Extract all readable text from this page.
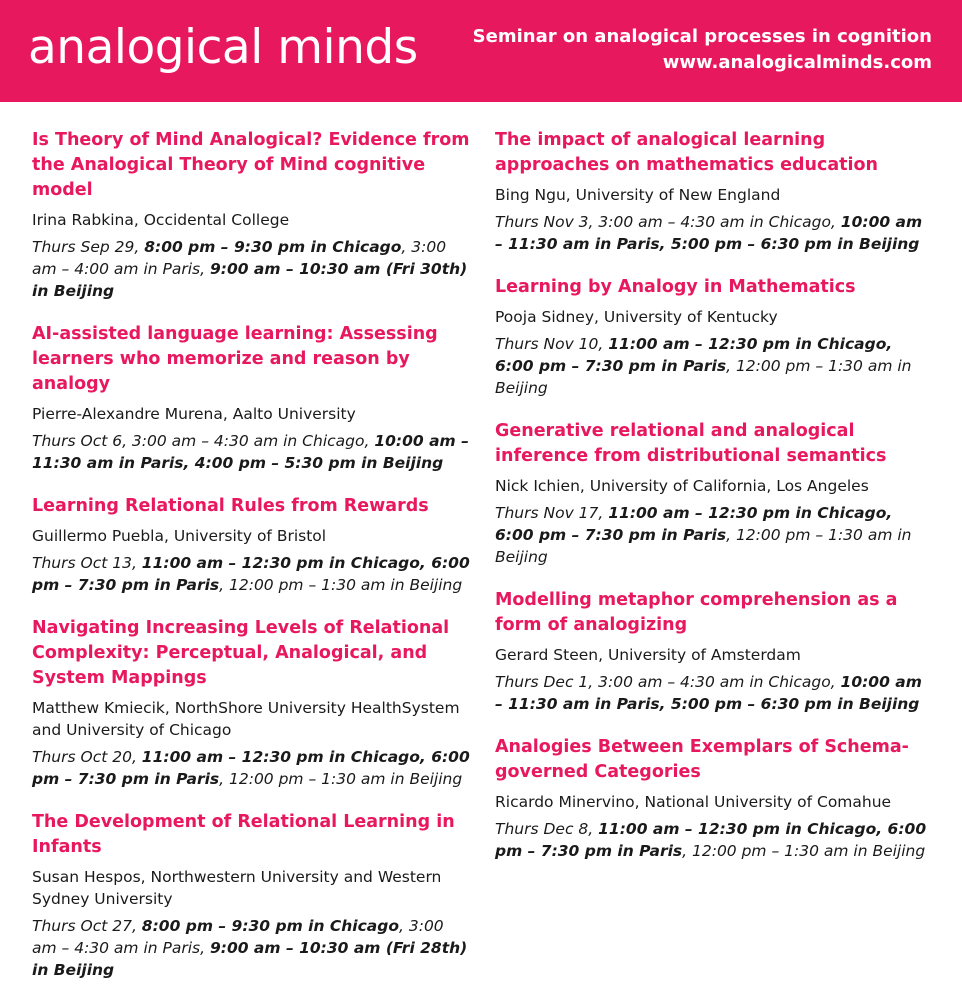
analogical minds	Seminar on analogical processes in cognition
www.analogicalminds.com
Is Theory of Mind Analogical? Evidence from the Analogical Theory of Mind cognitive model
Irina Rabkina, Occidental College
Thurs Sep 29, 8:00 pm – 9:30 pm in Chicago, 3:00 am – 4:00 am in Paris, 9:00 am – 10:30 am (Fri 30th) in Beijing
AI-assisted language learning: Assessing learners who memorize and reason by analogy
Pierre-Alexandre Murena, Aalto University
Thurs Oct 6, 3:00 am – 4:30 am in Chicago, 10:00 am – 11:30 am in Paris, 4:00 pm – 5:30 pm in Beijing
Learning Relational Rules from Rewards
Guillermo Puebla, University of Bristol
Thurs Oct 13, 11:00 am – 12:30 pm in Chicago, 6:00 pm – 7:30 pm in Paris, 12:00 pm – 1:30 am in Beijing
Navigating Increasing Levels of Relational Complexity: Perceptual, Analogical, and System Mappings
Matthew Kmiecik, NorthShore University HealthSystem and University of Chicago
Thurs Oct 20, 11:00 am – 12:30 pm in Chicago, 6:00 pm – 7:30 pm in Paris, 12:00 pm – 1:30 am in Beijing
The Development of Relational Learning in Infants
Susan Hespos, Northwestern University and Western Sydney University
Thurs Oct 27, 8:00 pm – 9:30 pm in Chicago, 3:00 am – 4:30 am in Paris, 9:00 am – 10:30 am (Fri 28th) in Beijing
The impact of analogical learning approaches on mathematics education
Bing Ngu, University of New England
Thurs Nov 3, 3:00 am – 4:30 am in Chicago, 10:00 am – 11:30 am in Paris, 5:00 pm – 6:30 pm in Beijing
Learning by Analogy in Mathematics
Pooja Sidney, University of Kentucky
Thurs Nov 10, 11:00 am – 12:30 pm in Chicago, 6:00 pm – 7:30 pm in Paris, 12:00 pm – 1:30 am in Beijing
Generative relational and analogical inference from distributional semantics
Nick Ichien, University of California, Los Angeles
Thurs Nov 17, 11:00 am – 12:30 pm in Chicago, 6:00 pm – 7:30 pm in Paris, 12:00 pm – 1:30 am in Beijing
Modelling metaphor comprehension as a form of analogizing
Gerard Steen, University of Amsterdam
Thurs Dec 1, 3:00 am – 4:30 am in Chicago, 10:00 am – 11:30 am in Paris, 5:00 pm – 6:30 pm in Beijing
Analogies Between Exemplars of Schema-governed Categories
Ricardo Minervino, National University of Comahue
Thurs Dec 8, 11:00 am – 12:30 pm in Chicago, 6:00 pm – 7:30 pm in Paris, 12:00 pm – 1:30 am in Beijing
